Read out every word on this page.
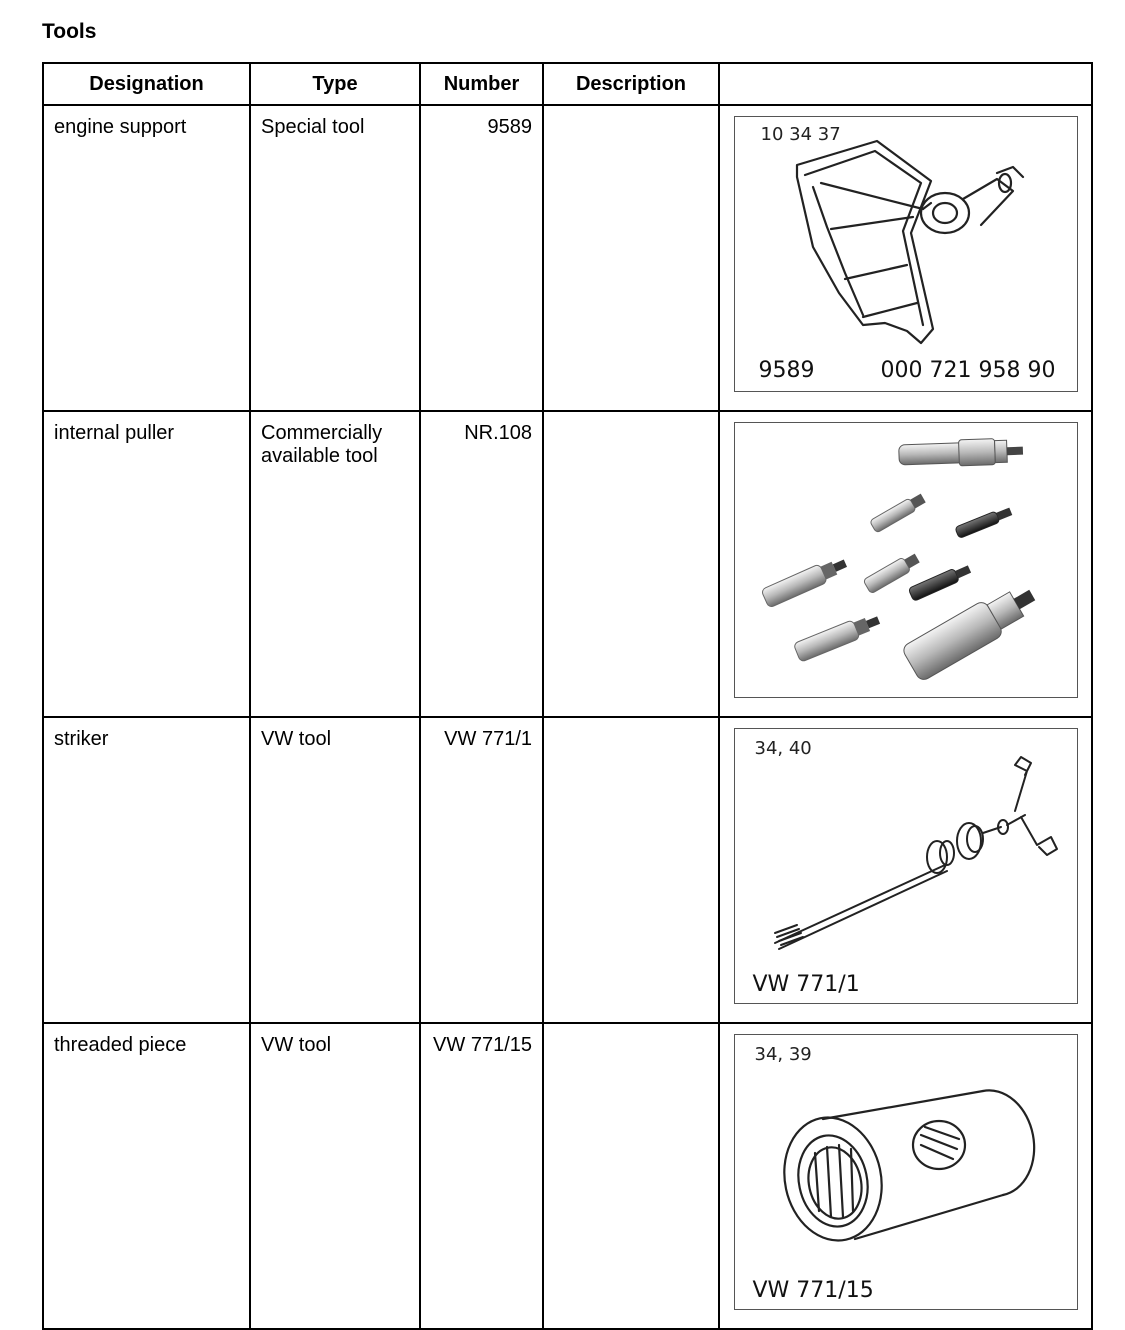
Tools
Designation	Type	Number	Description	
engine support	Special tool	9589		10 34 37
9589 000 721 958 90

internal puller	Commercially available tool	NR.108		

striker	VW tool	VW 771/1		34, 40
VW 771/1

threaded piece	VW tool	VW 771/15		34, 39
VW 771/15
